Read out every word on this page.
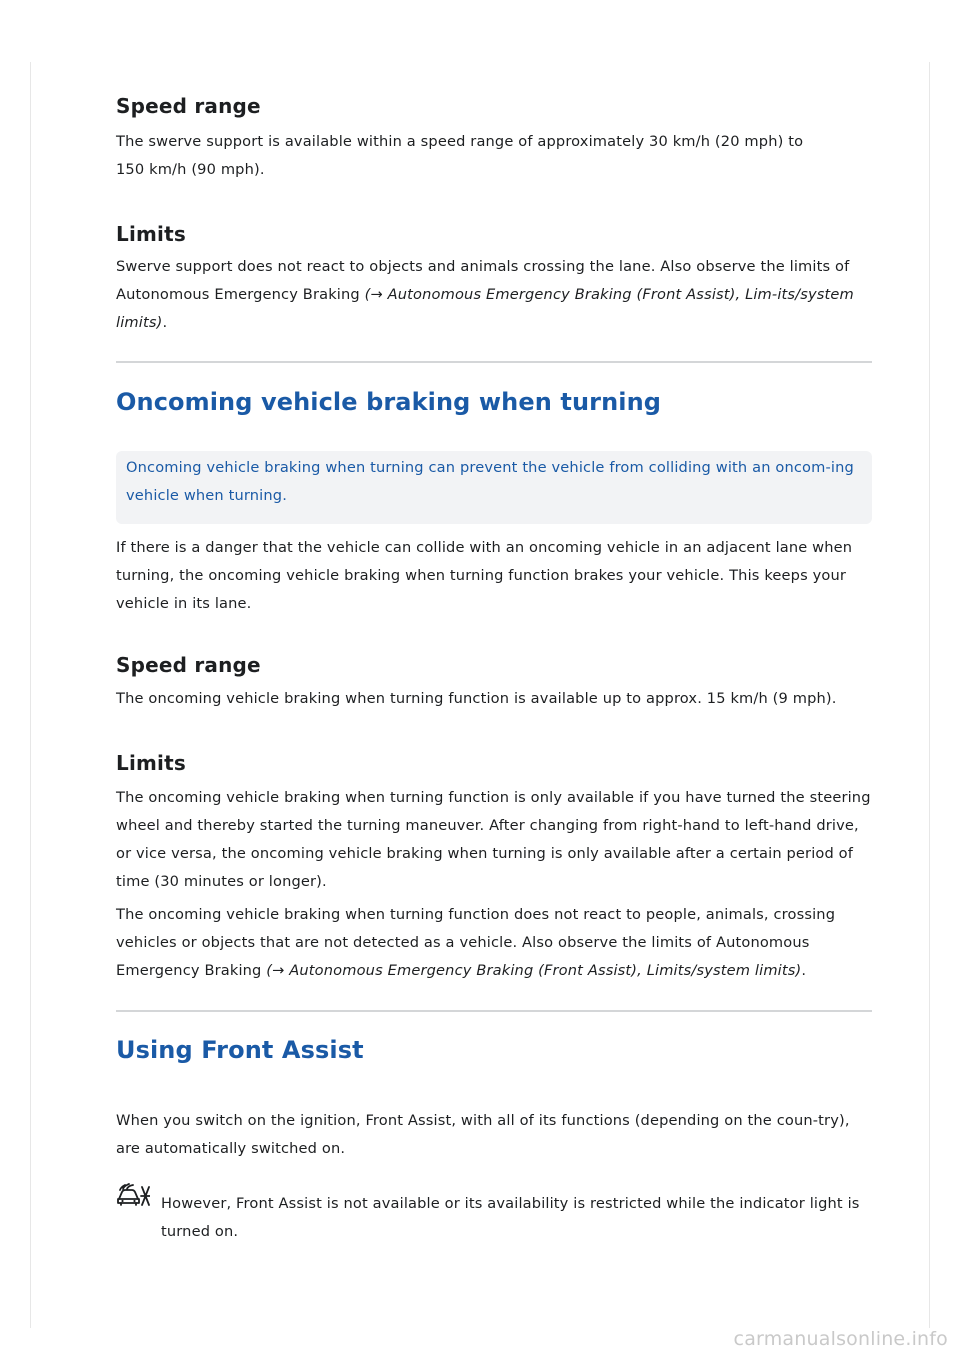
Speed range

The swerve support is available within a speed range of approximately 30 km/h (20 mph) to 150 km/h (90 mph).

Limits

Swerve support does not react to objects and animals crossing the lane. Also observe the limits of Autonomous Emergency Braking (→ Autonomous Emergency Braking (Front Assist), Lim-its/system limits).

Oncoming vehicle braking when turning

Oncoming vehicle braking when turning can prevent the vehicle from colliding with an oncom-ing vehicle when turning.

If there is a danger that the vehicle can collide with an oncoming vehicle in an adjacent lane when turning, the oncoming vehicle braking when turning function brakes your vehicle. This keeps your vehicle in its lane.

Speed range

The oncoming vehicle braking when turning function is available up to approx. 15 km/h (9 mph).

Limits

The oncoming vehicle braking when turning function is only available if you have turned the steering wheel and thereby started the turning maneuver. After changing from right-hand to left-hand drive, or vice versa, the oncoming vehicle braking when turning is only available after a certain period of time (30 minutes or longer).

The oncoming vehicle braking when turning function does not react to people, animals, crossing vehicles or objects that are not detected as a vehicle. Also observe the limits of Autonomous Emergency Braking (→ Autonomous Emergency Braking (Front Assist), Limits/system limits).

Using Front Assist

When you switch on the ignition, Front Assist, with all of its functions (depending on the coun-try), are automatically switched on.

However, Front Assist is not available or its availability is restricted while the indicator light is turned on.

carmanualsonline.info
